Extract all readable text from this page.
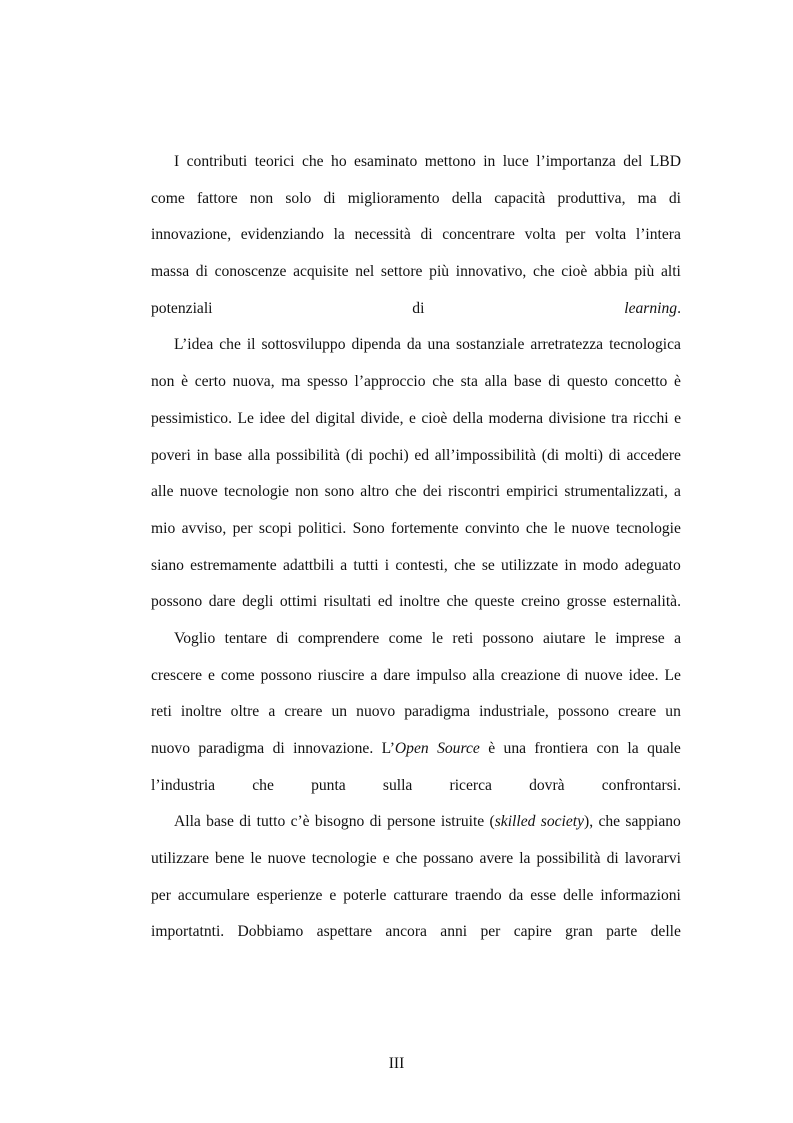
I contributi teorici che ho esaminato mettono in luce l’importanza del LBD
come fattore non solo di miglioramento della capacità produttiva, ma di
innovazione, evidenziando la necessità di concentrare volta per volta l’intera
massa di conoscenze acquisite nel settore più innovativo, che cioè abbia più alti
potenziali di learning.
L’idea che il sottosviluppo dipenda da una sostanziale arretratezza tecnologica
non è certo nuova, ma spesso l’approccio che sta alla base di questo concetto è
pessimistico. Le idee del digital divide, e cioè della moderna divisione tra ricchi e
poveri in base alla possibilità (di pochi) ed all’impossibilità (di molti) di accedere
alle nuove tecnologie non sono altro che dei riscontri empirici strumentalizzati, a
mio avviso, per scopi politici. Sono fortemente convinto che le nuove tecnologie
siano estremamente adattbili a tutti i contesti, che se utilizzate in modo adeguato
possono dare degli ottimi risultati ed inoltre che queste creino grosse esternalità.
Voglio tentare di comprendere come le reti possono aiutare le imprese a
crescere e come possono riuscire a dare impulso alla creazione di nuove idee. Le
reti inoltre oltre a creare un nuovo paradigma industriale, possono creare un
nuovo paradigma di innovazione. L’Open Source è una frontiera con la quale
l’industria che punta sulla ricerca dovrà confrontarsi.
Alla base di tutto c’è bisogno di persone istruite (skilled society), che sappiano
utilizzare bene le nuove tecnologie e che possano avere la possibilità di lavorarvi
per accumulare esperienze e poterle catturare traendo da esse delle informazioni
importatnti. Dobbiamo aspettare ancora anni per capire gran parte delle
III
